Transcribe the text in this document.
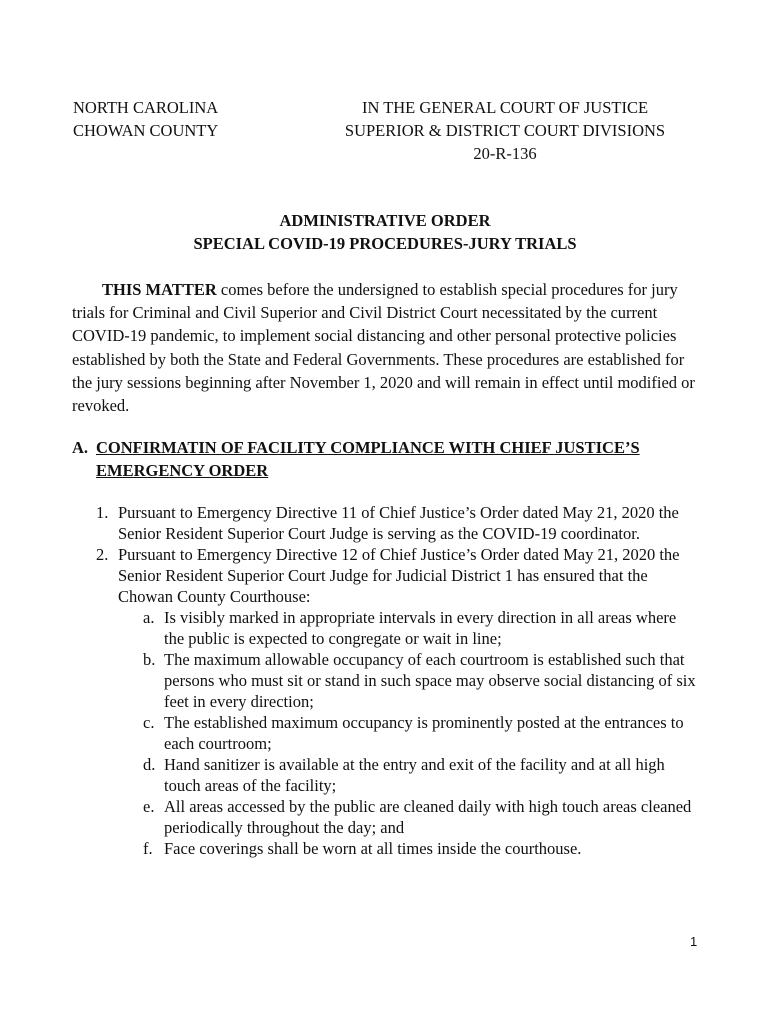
NORTH CAROLINA
CHOWAN COUNTY
IN THE GENERAL COURT OF JUSTICE
SUPERIOR & DISTRICT COURT DIVISIONS
20-R-136
ADMINISTRATIVE ORDER
SPECIAL COVID-19 PROCEDURES-JURY TRIALS

THIS MATTER comes before the undersigned to establish special procedures for jury trials for Criminal and Civil Superior and Civil District Court necessitated by the current COVID-19 pandemic, to implement social distancing and other personal protective policies established by both the State and Federal Governments. These procedures are established for the jury sessions beginning after November 1, 2020 and will remain in effect until modified or revoked.

A. CONFIRMATIN OF FACILITY COMPLIANCE WITH CHIEF JUSTICE’S
EMERGENCY ORDER
1. Pursuant to Emergency Directive 11 of Chief Justice’s Order dated May 21, 2020 the Senior Resident Superior Court Judge is serving as the COVID-19 coordinator.
2. Pursuant to Emergency Directive 12 of Chief Justice’s Order dated May 21, 2020 the Senior Resident Superior Court Judge for Judicial District 1 has ensured that the Chowan County Courthouse:
a. Is visibly marked in appropriate intervals in every direction in all areas where the public is expected to congregate or wait in line;
b. The maximum allowable occupancy of each courtroom is established such that persons who must sit or stand in such space may observe social distancing of six feet in every direction;
c. The established maximum occupancy is prominently posted at the entrances to each courtroom;
d. Hand sanitizer is available at the entry and exit of the facility and at all high touch areas of the facility;
e. All areas accessed by the public are cleaned daily with high touch areas cleaned periodically throughout the day; and
f. Face coverings shall be worn at all times inside the courthouse.
1
